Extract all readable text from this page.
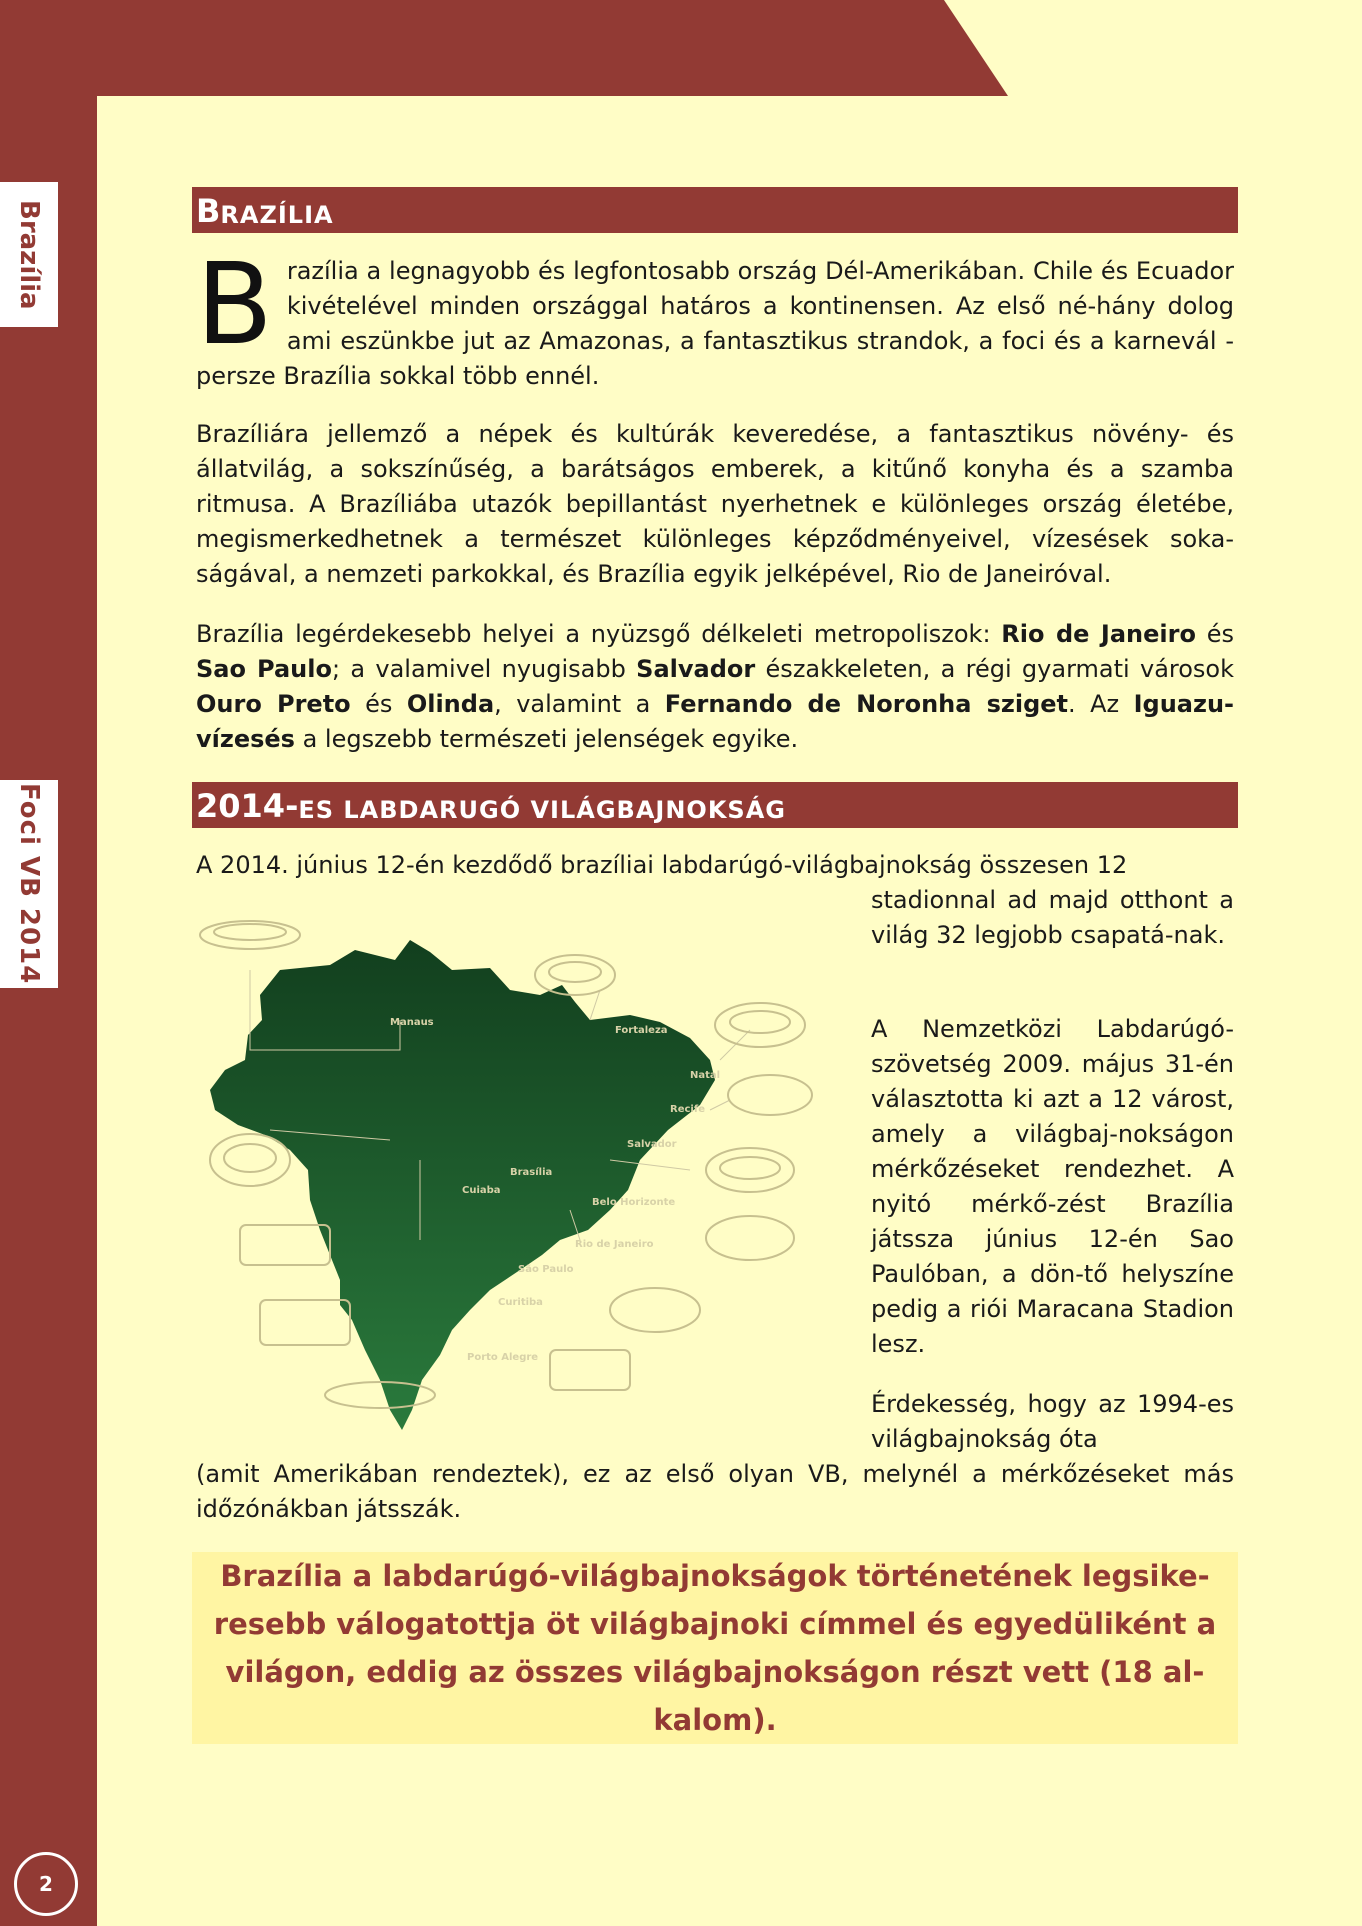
Brazília
Foci VB 2014
2
B RAZÍLIA

Brazília a legnagyobb és legfontosabb ország Dél-Amerikában. Chile és Ecuador kivételével minden országgal határos a kontinensen. Az első né-hány dolog ami eszünkbe jut az Amazonas, a fantasztikus strandok, a foci és a karnevál - persze Brazília sokkal több ennél.

Brazíliára jellemző a népek és kultúrák keveredése, a fantasztikus növény- és állatvilág, a sokszínűség, a barátságos emberek, a kitűnő konyha és a szamba ritmusa. A Brazíliába utazók bepillantást nyerhetnek e különleges ország életébe, megismerkedhetnek a természet különleges képződményeivel, vízesések soka-ságával, a nemzeti parkokkal, és Brazília egyik jelképével, Rio de Janeiróval.

Brazília legérdekesebb helyei a nyüzsgő délkeleti metropoliszok: Rio de Janeiro és Sao Paulo; a valamivel nyugisabb Salvador északkeleten, a régi gyarmati városok Ouro Preto és Olinda, valamint a Fernando de Noronha sziget. Az Iguazu-vízesés a legszebb természeti jelenségek egyike.

2014- ES LABDARUGÓ VILÁGBAJNOKSÁG

A 2014. június 12-én kezdődő brazíliai labdarúgó-világbajnokság összesen 12

stadionnal ad majd otthont a világ 32 legjobb csapatá-nak.

A Nemzetközi Labdarúgó-szövetség 2009. május 31-én választotta ki azt a 12 várost, amely a világbaj-nokságon mérkőzéseket rendezhet. A nyitó mérkő-zést Brazília játssza június 12-én Sao Paulóban, a dön-tő helyszíne pedig a riói Maracana Stadion lesz.

Érdekesség, hogy az 1994-es világbajnokság óta

(amit Amerikában rendeztek), ez az első olyan VB, melynél a mérkőzéseket más időzónákban játsszák.

Manaus
Fortaleza
Natal
Recife
Salvador
Brasília
Cuiaba
Belo Horizonte
Rio de Janeiro
São Paulo
Curitiba
Porto Alegre
Brazília a labdarúgó-világbajnokságok történetének legsike-resebb válogatottja öt világbajnoki címmel és egyedüliként a világon, eddig az összes világbajnokságon részt vett (18 al-kalom).
